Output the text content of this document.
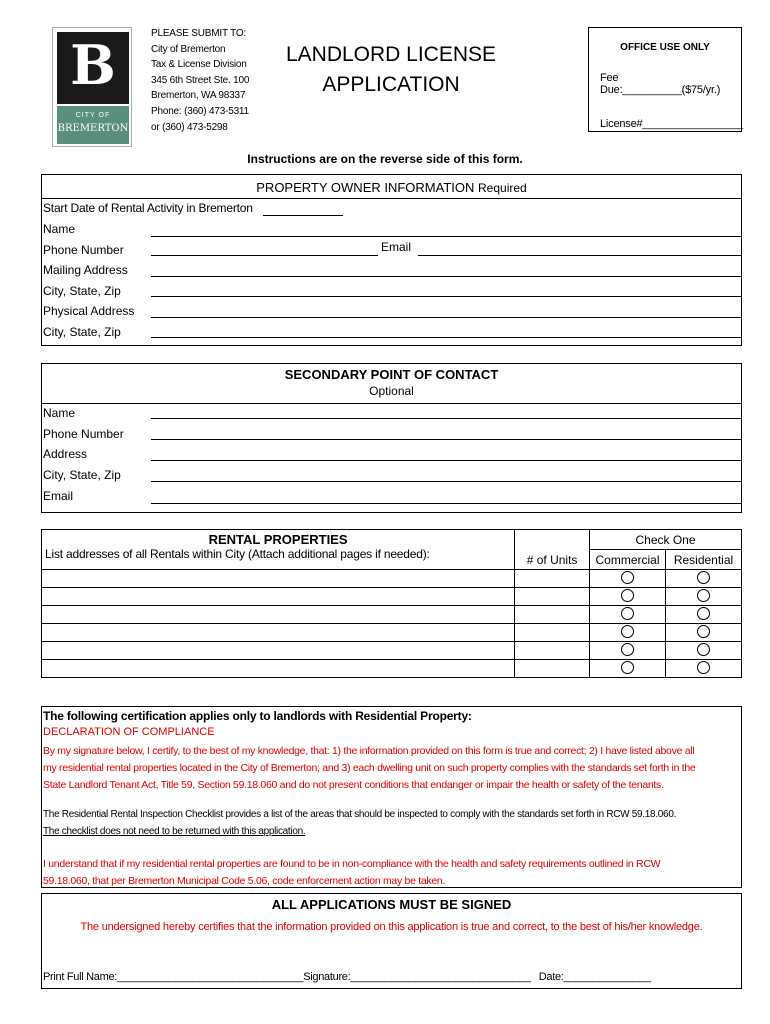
B
CITY OF
BREMERTON
PLEASE SUBMIT TO:
City of Bremerton
Tax & License Division
345 6th Street Ste. 100
Bremerton, WA 98337
Phone: (360) 473-5311
or (360) 473-5298
LANDLORD LICENSE
APPLICATION
OFFICE USE ONLY
Fee Due:__________($75/yr.)
License#_________________
Instructions are on the reverse side of this form.
PROPERTY OWNER INFORMATION Required
Start Date of Rental Activity in Bremerton
Name
Phone Number	Email
Mailing Address
City, State, Zip
Physical Address
City, State, Zip
SECONDARY POINT OF CONTACT
Optional
Name
Phone Number
Address
City, State, Zip
Email
RENTAL PROPERTIES
List addresses of all Rentals within City (Attach additional pages if needed):	# of Units	Check One	
		Commercial	Residential

The following certification applies only to landlords with Residential Property:
DECLARATION OF COMPLIANCE
By my signature below, I certify, to the best of my knowledge, that: 1) the information provided on this form is true and correct; 2) I have listed above all
my residential rental properties located in the City of Bremerton; and 3) each dwelling unit on such property complies with the standards set forth in the
State Landlord Tenant Act, Title 59, Section 59.18.060 and do not present conditions that endanger or impair the health or safety of the tenants.
The Residential Rental Inspection Checklist provides a list of the areas that should be inspected to comply with the standards set forth in RCW 59.18.060.
The checklist does not need to be returned with this application.
I understand that if my residential rental properties are found to be in non-compliance with the health and safety requirements outlined in RCW
59.18.060, that per Bremerton Municipal Code 5.06, code enforcement action may be taken.
ALL APPLICATIONS MUST BE SIGNED
The undersigned hereby certifies that the information provided on this application is true and correct, to the best of his/her knowledge.
Print Full Name:________________________________Signature:_______________________________ Date:_______________
